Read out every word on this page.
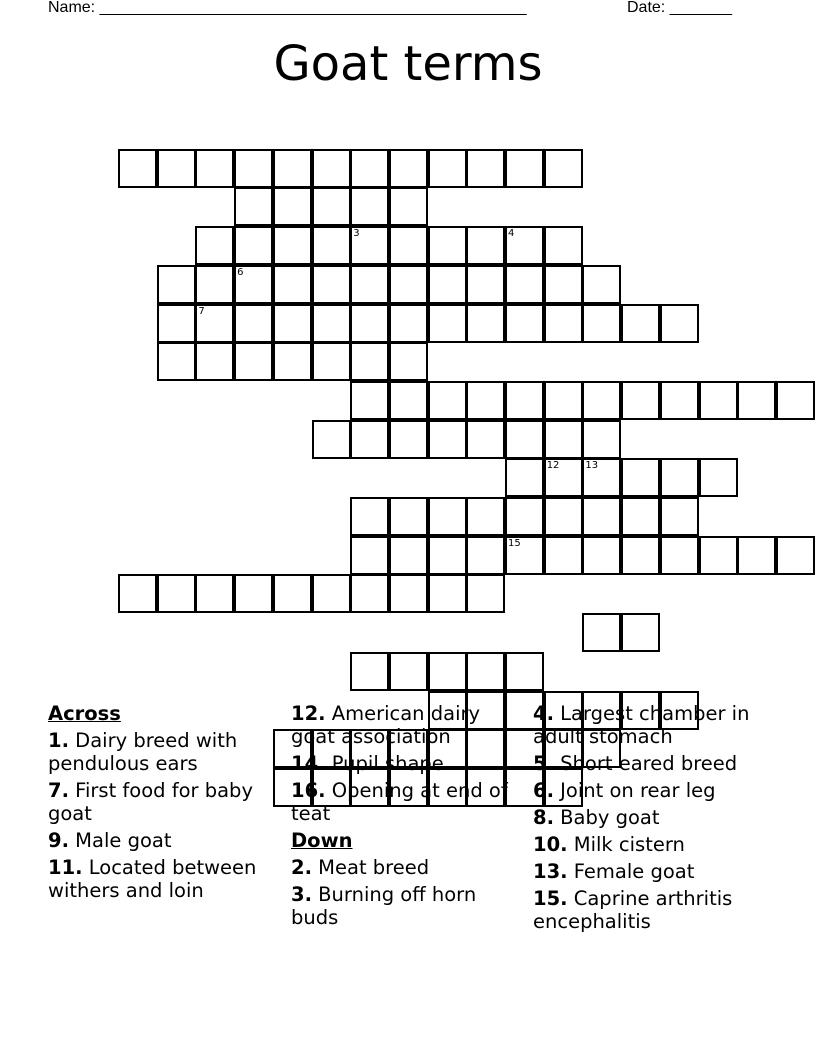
Name: ________________________________________________	Date: _______
Goat terms
3	4
6
7
12	13
15
Across
1. Dairy breed with pendulous ears
7. First food for baby goat
9. Male goat
11. Located between withers and loin
12. American dairy goat association
14. Pupil shape
16. Opening at end of teat
Down
2. Meat breed
3. Burning off horn buds
4. Largest chamber in adult stomach
5. Short eared breed
6. Joint on rear leg
8. Baby goat
10. Milk cistern
13. Female goat
15. Caprine arthritis encephalitis
